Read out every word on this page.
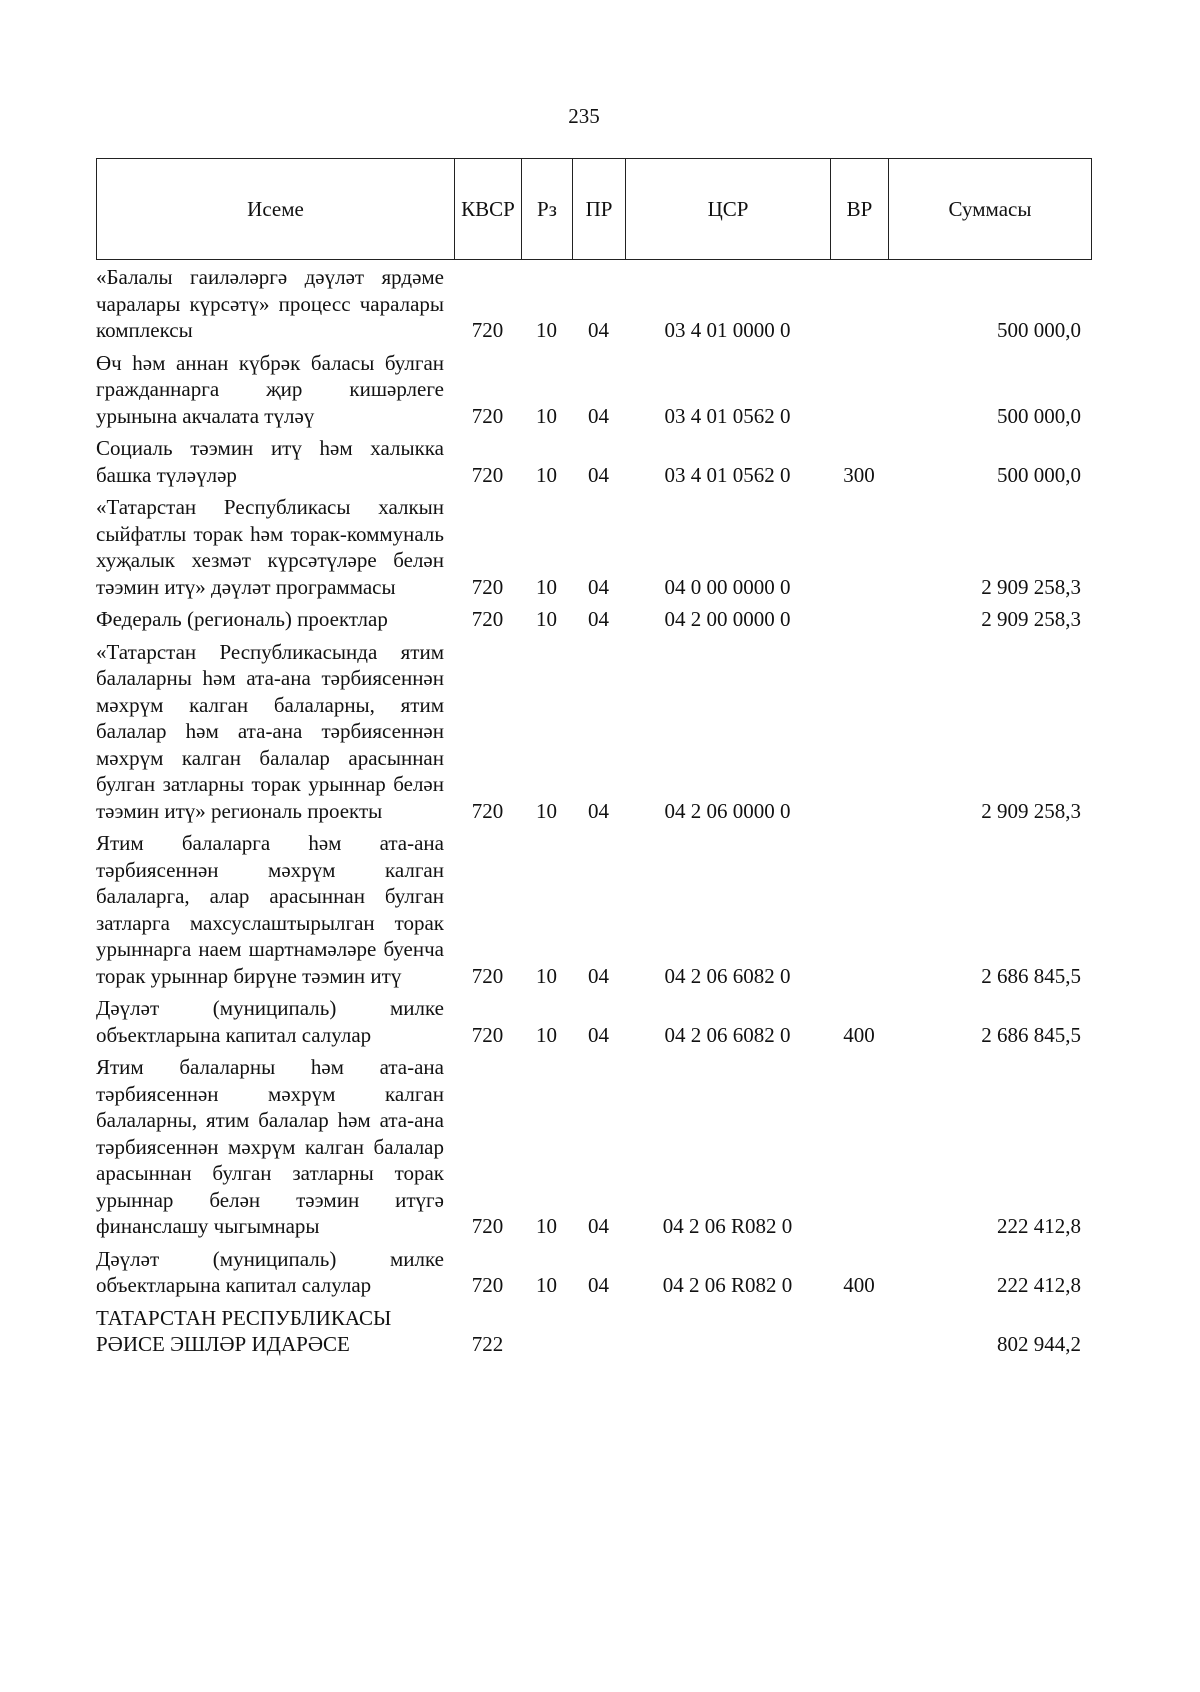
235
Исеме	КВСР	Рз	ПР	ЦСР	ВР	Суммасы
«Балалы гаиләләргә дәүләт ярдәме чаралары күрсәтү» процесс чаралары комплексы	720	10	04	03 4 01 0000 0		500 000,0
Өч һәм аннан күбрәк баласы булган гражданнарга җир кишәрлеге урынына акчалата түләү	720	10	04	03 4 01 0562 0		500 000,0
Социаль тәэмин итү һәм халыкка башка түләүләр	720	10	04	03 4 01 0562 0	300	500 000,0
«Татарстан Республикасы халкын сыйфатлы торак һәм торак-коммуналь хуҗалык хезмәт күрсәтүләре белән тәэмин итү» дәүләт программасы	720	10	04	04 0 00 0000 0		2 909 258,3
Федераль (региональ) проектлар	720	10	04	04 2 00 0000 0		2 909 258,3
«Татарстан Республикасында ятим балаларны һәм ата-ана тәрбиясеннән мәхрүм калган балаларны, ятим балалар һәм ата-ана тәрбиясеннән мәхрүм калган балалар арасыннан булган затларны торак урыннар белән тәэмин итү» региональ проекты	720	10	04	04 2 06 0000 0		2 909 258,3
Ятим балаларга һәм ата-ана тәрбиясеннән мәхрүм калган балаларга, алар арасыннан булган затларга махсуслаштырылган торак урыннарга наем шартнамәләре буенча торак урыннар бирүне тәэмин итү	720	10	04	04 2 06 6082 0		2 686 845,5
Дәүләт (муниципаль) милке объектларына капитал салулар	720	10	04	04 2 06 6082 0	400	2 686 845,5
Ятим балаларны һәм ата-ана тәрбиясеннән мәхрүм калган балаларны, ятим балалар һәм ата-ана тәрбиясеннән мәхрүм калган балалар арасыннан булган затларны торак урыннар белән тәэмин итүгә финанслашу чыгымнары	720	10	04	04 2 06 R082 0		222 412,8
Дәүләт (муниципаль) милке объектларына капитал салулар	720	10	04	04 2 06 R082 0	400	222 412,8
ТАТАРСТАН РЕСПУБЛИКАСЫ РӘИСЕ ЭШЛӘР ИДАРӘСЕ	722					802 944,2
